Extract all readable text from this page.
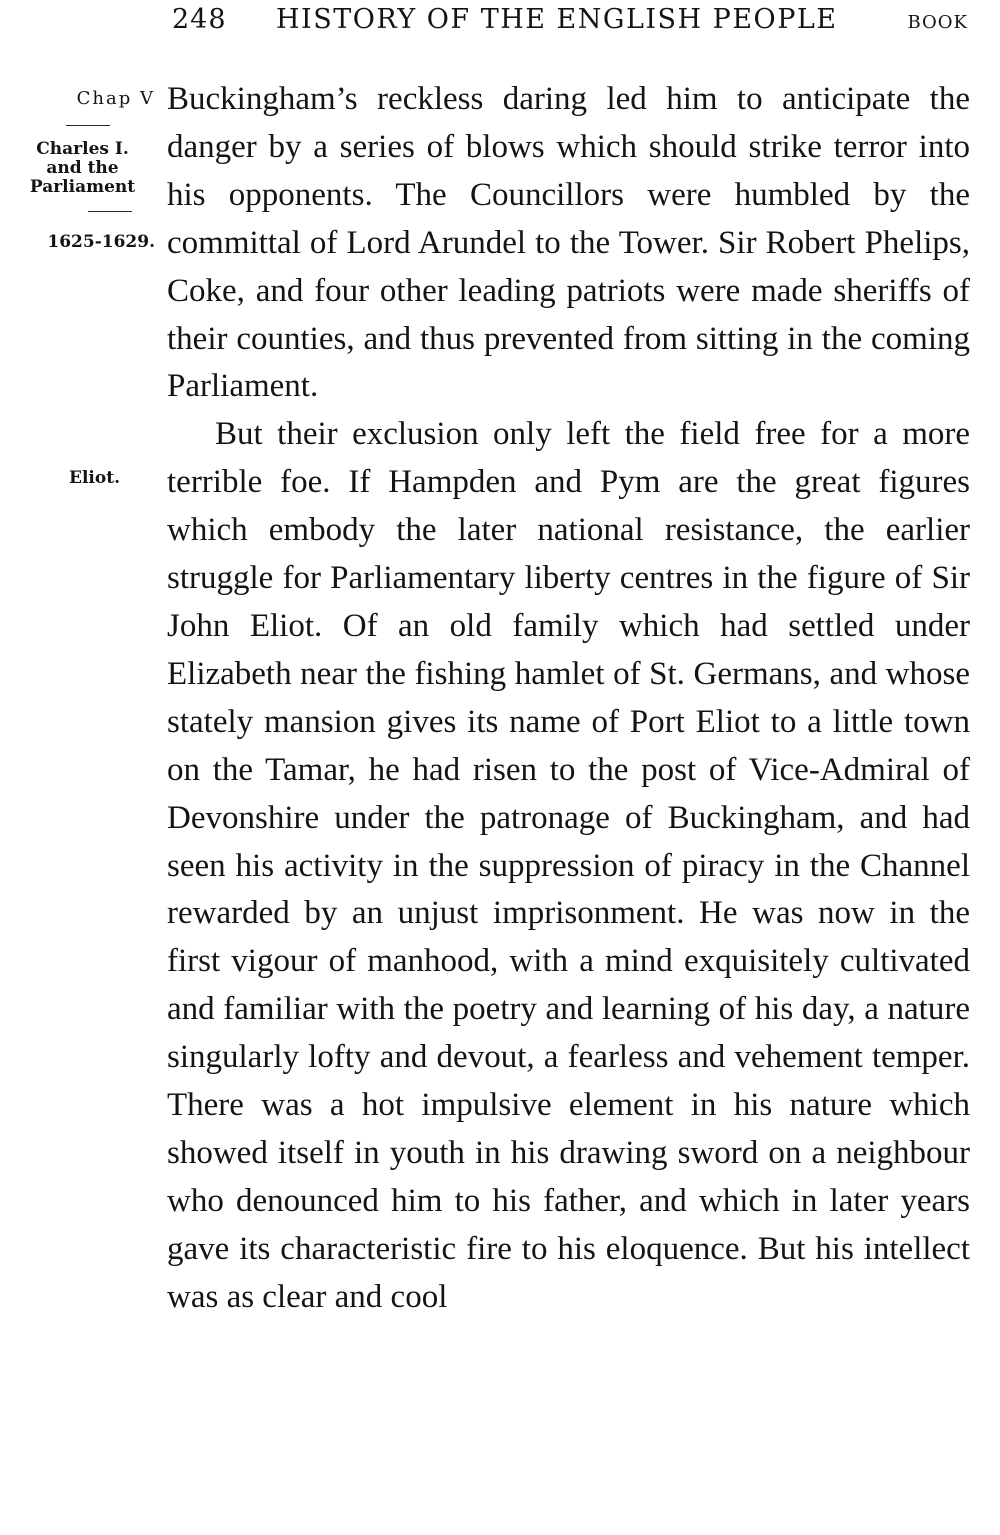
248 HISTORY OF THE ENGLISH PEOPLE	BOOK
Chap V
Charles I.
and the
Parliament
1625-1629.
Eliot.

Buckingham’s reckless daring led him to anticipate the danger by a series of blows which should strike terror into his opponents. The Councillors were humbled by the committal of Lord Arundel to the Tower. Sir Robert Phelips, Coke, and four other leading patriots were made sheriffs of their counties, and thus prevented from sitting in the coming Parliament.

But their exclusion only left the field free for a more terrible foe. If Hampden and Pym are the great figures which embody the later national resistance, the earlier struggle for Parliamentary liberty centres in the figure of Sir John Eliot. Of an old family which had settled under Elizabeth near the fishing hamlet of St. Germans, and whose stately mansion gives its name of Port Eliot to a little town on the Tamar, he had risen to the post of Vice-Admiral of Devonshire under the patronage of Buckingham, and had seen his activity in the suppression of piracy in the Channel rewarded by an unjust imprisonment. He was now in the first vigour of manhood, with a mind exquisitely cultivated and familiar with the poetry and learning of his day, a nature singularly lofty and devout, a fearless and vehement temper. There was a hot impulsive element in his nature which showed itself in youth in his drawing sword on a neighbour who denounced him to his father, and which in later years gave its characteristic fire to his eloquence. But his intellect was as clear and cool
